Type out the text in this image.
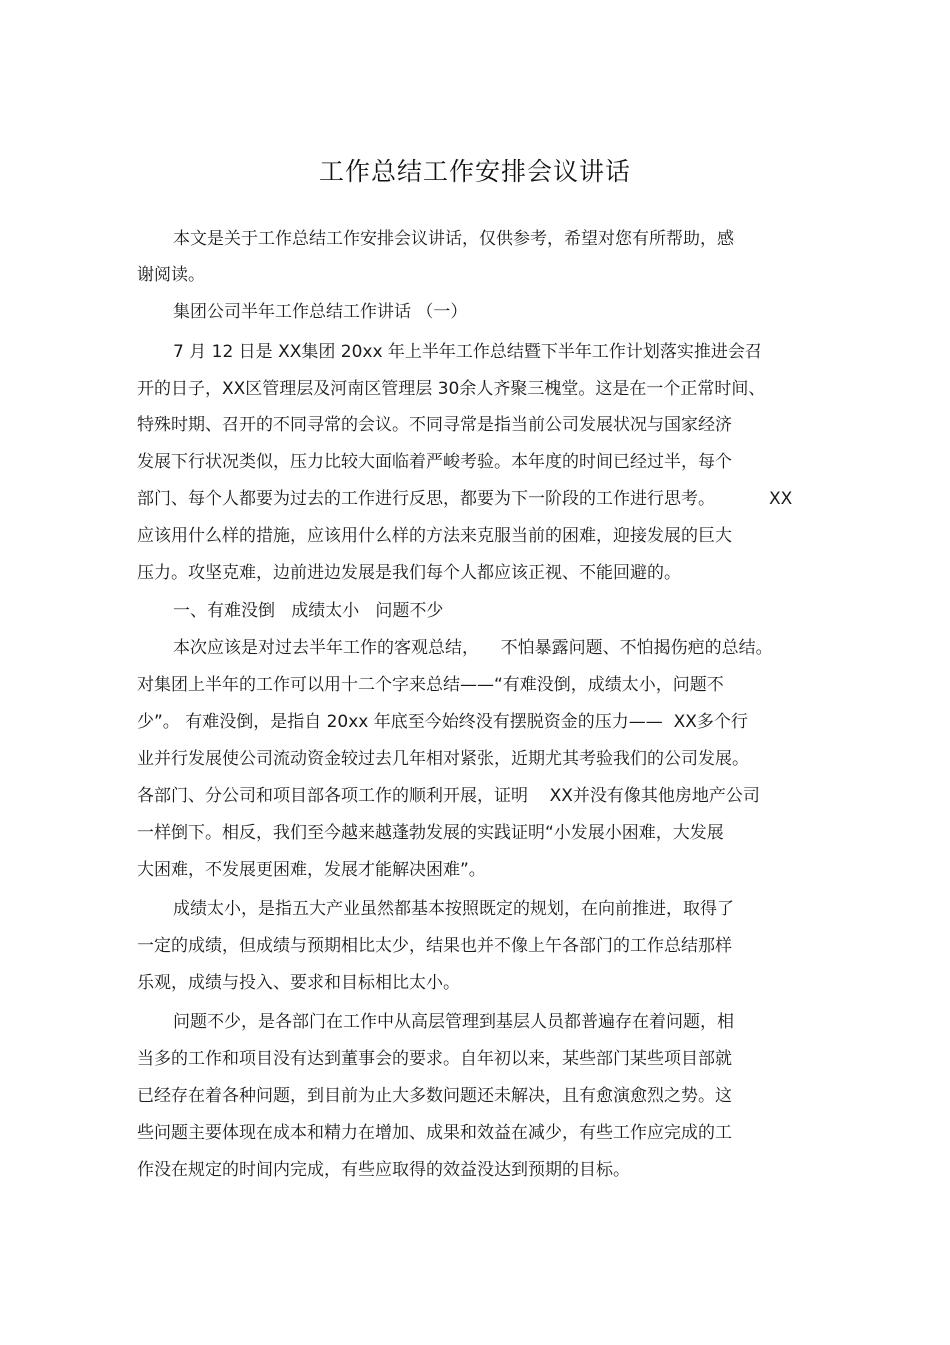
工作总结工作安排会议讲话
本文是关于工作总结工作安排会议讲话，仅供参考，希望对您有所帮助，感
谢阅读。
集团公司半年工作总结工作讲话 （一）
7 月 12 日是 XX集团 20xx 年上半年工作总结暨下半年工作计划落实推进会召
开的日子，XX区管理层及河南区管理层 30余人齐聚三槐堂。这是在一个正常时间、
特殊时期、召开的不同寻常的会议。不同寻常是指当前公司发展状况与国家经济
发展下行状况类似，压力比较大面临着严峻考验。本年度的时间已经过半，每个
部门、每个人都要为过去的工作进行反思，都要为下一阶段的工作进行思考。          XX
应该用什么样的措施，应该用什么样的方法来克服当前的困难，迎接发展的巨大
压力。攻坚克难，边前进边发展是我们每个人都应该正视、不能回避的。
一、有难没倒   成绩太小   问题不少
本次应该是对过去半年工作的客观总结，    不怕暴露问题、不怕揭伤疤的总结。
对集团上半年的工作可以用十二个字来总结——“有难没倒，成绩太小，问题不
少”。 有难没倒，是指自 20xx 年底至今始终没有摆脱资金的压力——  XX多个行
业并行发展使公司流动资金较过去几年相对紧张，近期尤其考验我们的公司发展。
各部门、分公司和项目部各项工作的顺利开展，证明    XX并没有像其他房地产公司
一样倒下。相反，我们至今越来越蓬勃发展的实践证明“小发展小困难，大发展
大困难，不发展更困难，发展才能解决困难”。
成绩太小，是指五大产业虽然都基本按照既定的规划，在向前推进，取得了
一定的成绩，但成绩与预期相比太少，结果也并不像上午各部门的工作总结那样
乐观，成绩与投入、要求和目标相比太小。
问题不少，是各部门在工作中从高层管理到基层人员都普遍存在着问题，相
当多的工作和项目没有达到董事会的要求。自年初以来，某些部门某些项目部就
已经存在着各种问题，到目前为止大多数问题还未解决，且有愈演愈烈之势。这
些问题主要体现在成本和精力在增加、成果和效益在减少，有些工作应完成的工
作没在规定的时间内完成，有些应取得的效益没达到预期的目标。
